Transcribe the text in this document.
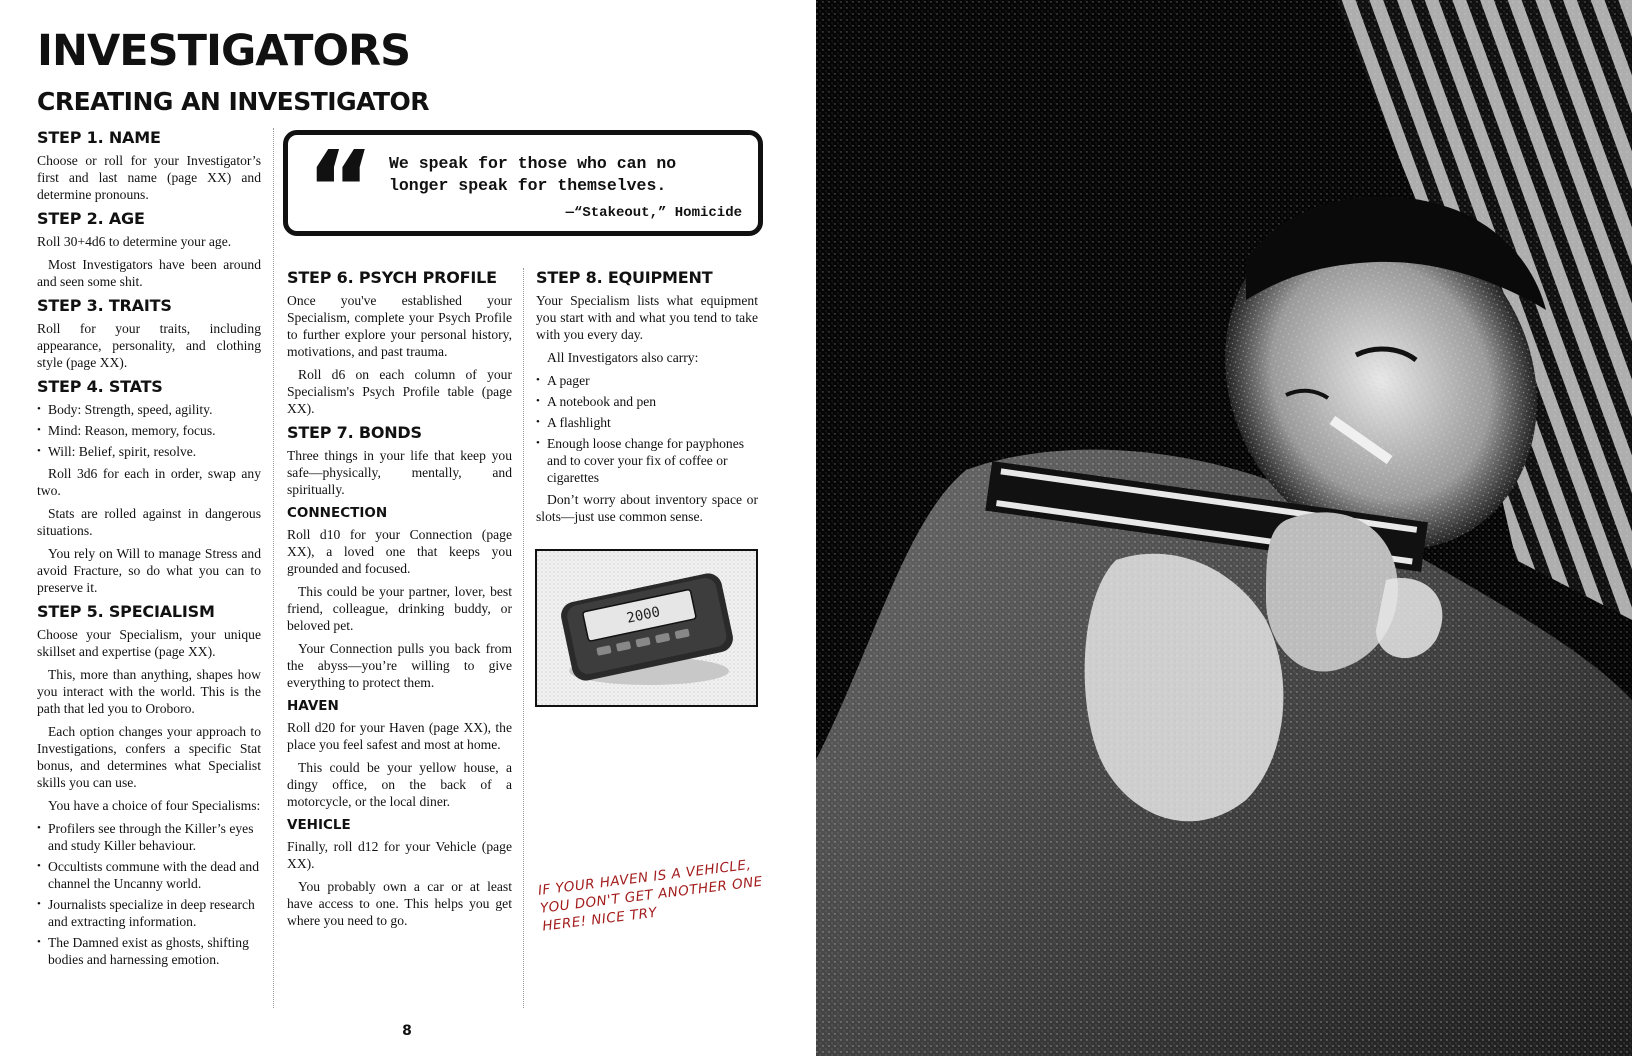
INVESTIGATORS
CREATING AN INVESTIGATOR
STEP 1. NAME

Choose or roll for your Investigator’s first and last name (page XX) and determine pronouns.

STEP 2. AGE

Roll 30+4d6 to determine your age.

Most Investigators have been around and seen some shit.

STEP 3. TRAITS

Roll for your traits, including appearance, personality, and clothing style (page XX).

STEP 4. STATS
• Body: Strength, speed, agility.
• Mind: Reason, memory, focus.
• Will: Belief, spirit, resolve.

Roll 3d6 for each in order, swap any two.

Stats are rolled against in dangerous situations.

You rely on Will to manage Stress and avoid Fracture, so do what you can to preserve it.

STEP 5. SPECIALISM

Choose your Specialism, your unique skillset and expertise (page XX).

This, more than anything, shapes how you interact with the world. This is the path that led you to Oroboro.

Each option changes your approach to Investigations, confers a specific Stat bonus, and determines what Specialist skills you can use.

You have a choice of four Specialisms:

• Profilers see through the Killer’s eyes and study Killer behaviour.
• Occultists commune with the dead and channel the Uncanny world.
• Journalists specialize in deep research and extracting information.
• The Damned exist as ghosts, shifting bodies and harnessing emotion.
“ We speak for those who can no longer speak for themselves.
—“Stakeout,” Homicide
STEP 6. PSYCH PROFILE

Once you've established your Specialism, complete your Psych Profile to further explore your personal history, motivations, and past trauma.

Roll d6 on each column of your Specialism's Psych Profile table (page XX).

STEP 7. BONDS

Three things in your life that keep you safe—physically, mentally, and spiritually.

CONNECTION

Roll d10 for your Connection (page XX), a loved one that keeps you grounded and focused.

This could be your partner, lover, best friend, colleague, drinking buddy, or beloved pet.

Your Connection pulls you back from the abyss—you’re willing to give everything to protect them.

HAVEN

Roll d20 for your Haven (page XX), the place you feel safest and most at home.

This could be your yellow house, a dingy office, on the back of a motorcycle, or the local diner.

VEHICLE

Finally, roll d12 for your Vehicle (page XX).

You probably own a car or at least have access to one. This helps you get where you need to go.

STEP 8. EQUIPMENT

Your Specialism lists what equipment you start with and what you tend to take with you every day.

All Investigators also carry:

• A pager
• A notebook and pen
• A flashlight
• Enough loose change for payphones and to cover your fix of coffee or cigarettes

Don’t worry about inventory space or slots—just use common sense.

2000
IF YOUR HAVEN IS A VEHICLE, YOU DON'T GET ANOTHER ONE HERE! NICE TRY
8
